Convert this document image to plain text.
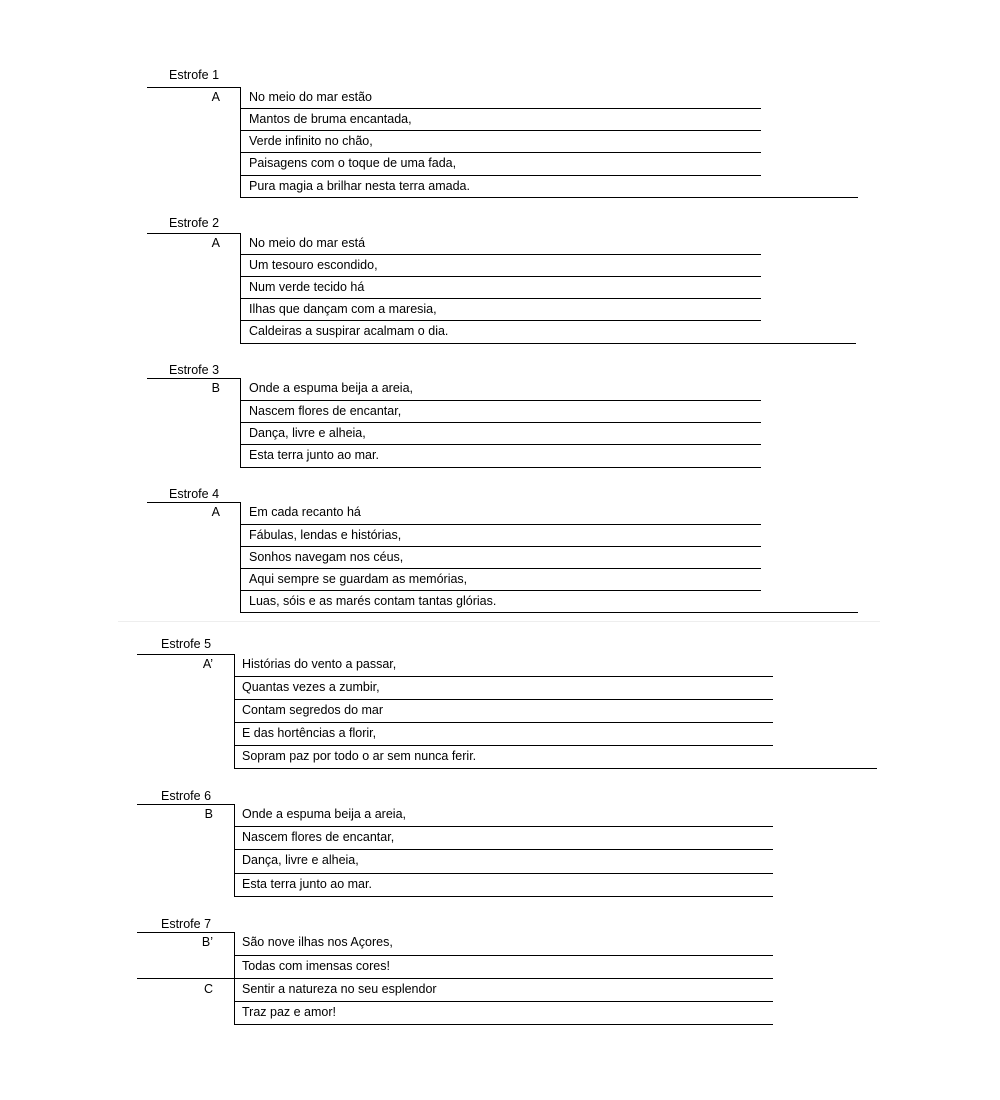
Estrofe 1
A No meio do mar estão
Mantos de bruma encantada,
Verde infinito no chão,
Paisagens com o toque de uma fada,
Pura magia a brilhar nesta terra amada.
Estrofe 2
A No meio do mar está
Um tesouro escondido,
Num verde tecido há
Ilhas que dançam com a maresia,
Caldeiras a suspirar acalmam o dia.
Estrofe 3
B Onde a espuma beija a areia,
Nascem flores de encantar,
Dança, livre e alheia,
Esta terra junto ao mar.
Estrofe 4
A Em cada recanto há
Fábulas, lendas e histórias,
Sonhos navegam nos céus,
Aqui sempre se guardam as memórias,
Luas, sóis e as marés contam tantas glórias.
Estrofe 5
A’ Histórias do vento a passar,
Quantas vezes a zumbir,
Contam segredos do mar
E das hortências a florir,
Sopram paz por todo o ar sem nunca ferir.
Estrofe 6
B Onde a espuma beija a areia,
Nascem flores de encantar,
Dança, livre e alheia,
Esta terra junto ao mar.
Estrofe 7
B’ São nove ilhas nos Açores,
Todas com imensas cores!
C Sentir a natureza no seu esplendor
Traz paz e amor!
